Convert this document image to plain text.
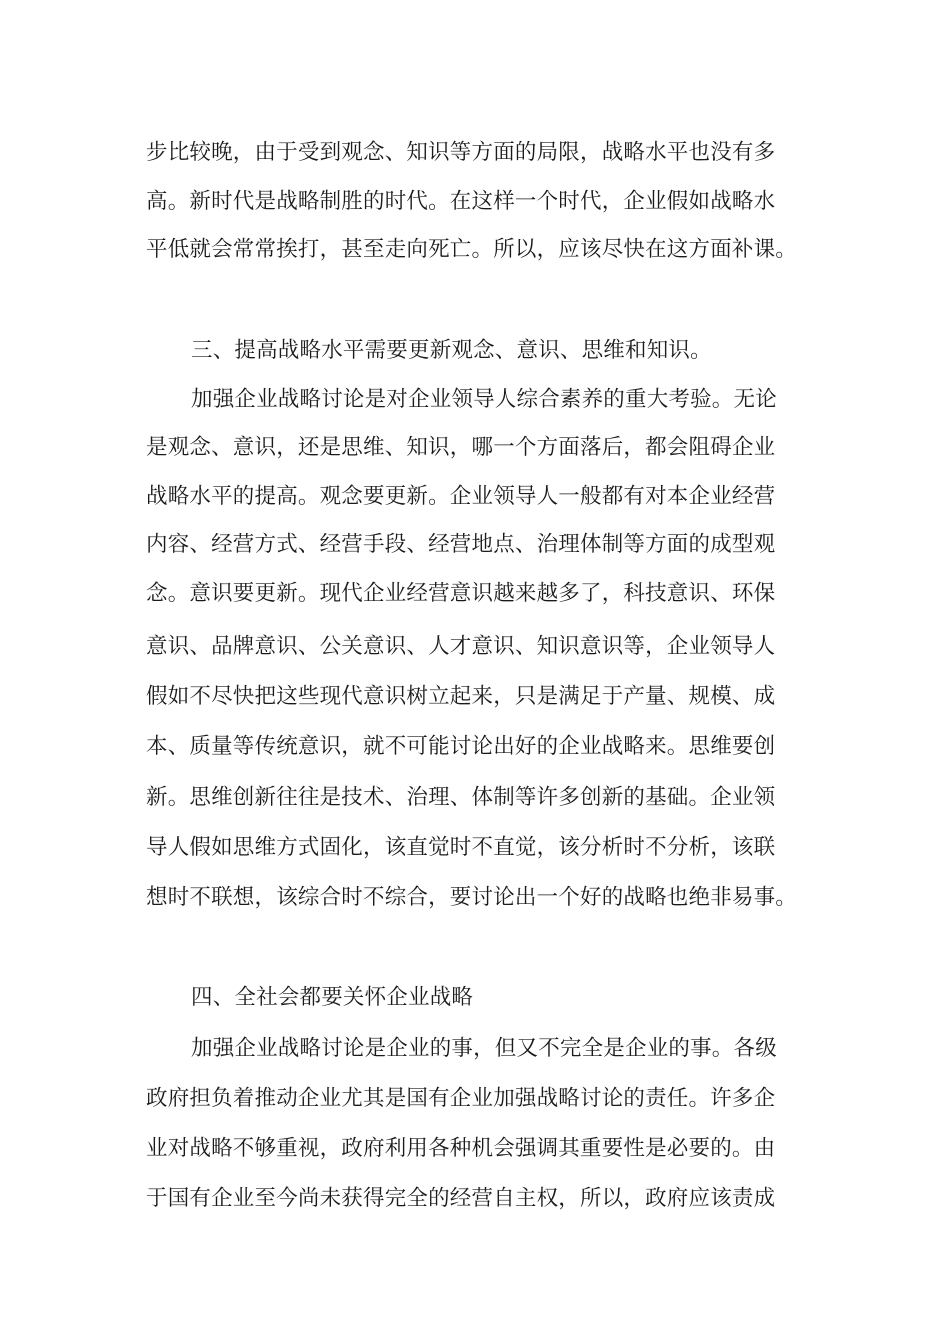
步比较晚，由于受到观念、知识等方面的局限，战略水平也没有多
高。新时代是战略制胜的时代。在这样一个时代，企业假如战略水
平低就会常常挨打，甚至走向死亡。所以，应该尽快在这方面补课。
三、提高战略水平需要更新观念、意识、思维和知识。
加强企业战略讨论是对企业领导人综合素养的重大考验。无论
是观念、意识，还是思维、知识，哪一个方面落后，都会阻碍企业
战略水平的提高。观念要更新。企业领导人一般都有对本企业经营
内容、经营方式、经营手段、经营地点、治理体制等方面的成型观
念。意识要更新。现代企业经营意识越来越多了，科技意识、环保
意识、品牌意识、公关意识、人才意识、知识意识等，企业领导人
假如不尽快把这些现代意识树立起来，只是满足于产量、规模、成
本、质量等传统意识，就不可能讨论出好的企业战略来。思维要创
新。思维创新往往是技术、治理、体制等许多创新的基础。企业领
导人假如思维方式固化，该直觉时不直觉，该分析时不分析，该联
想时不联想，该综合时不综合，要讨论出一个好的战略也绝非易事。
四、全社会都要关怀企业战略
加强企业战略讨论是企业的事，但又不完全是企业的事。各级
政府担负着推动企业尤其是国有企业加强战略讨论的责任。许多企
业对战略不够重视，政府利用各种机会强调其重要性是必要的。由
于国有企业至今尚未获得完全的经营自主权，所以，政府应该责成
